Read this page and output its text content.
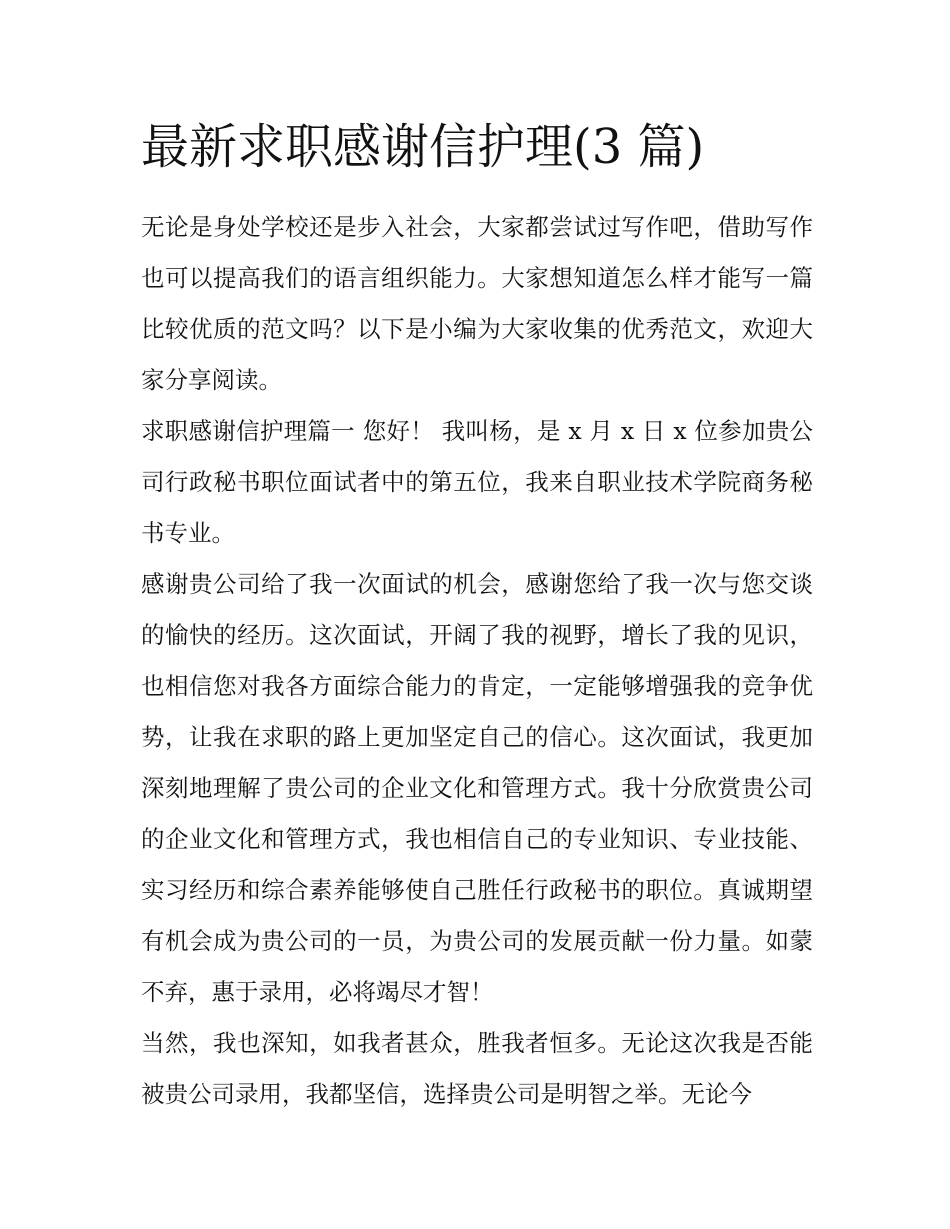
最新求职感谢信护理(3 篇)

无论是身处学校还是步入社会，大家都尝试过写作吧，借助写作也可以提高我们的语言组织能力。大家想知道怎么样才能写一篇比较优质的范文吗？以下是小编为大家收集的优秀范文，欢迎大家分享阅读。

求职感谢信护理篇一 您好！ 我叫杨，是 x 月 x 日 x 位参加贵公司行政秘书职位面试者中的第五位，我来自职业技术学院商务秘书专业。

感谢贵公司给了我一次面试的机会，感谢您给了我一次与您交谈的愉快的经历。这次面试，开阔了我的视野，增长了我的见识，也相信您对我各方面综合能力的肯定，一定能够增强我的竞争优势，让我在求职的路上更加坚定自己的信心。这次面试，我更加深刻地理解了贵公司的企业文化和管理方式。我十分欣赏贵公司的企业文化和管理方式，我也相信自己的专业知识、专业技能、实习经历和综合素养能够使自己胜任行政秘书的职位。真诚期望有机会成为贵公司的一员，为贵公司的发展贡献一份力量。如蒙不弃，惠于录用，必将竭尽才智！

当然，我也深知，如我者甚众，胜我者恒多。无论这次我是否能被贵公司录用，我都坚信，选择贵公司是明智之举。无论今
